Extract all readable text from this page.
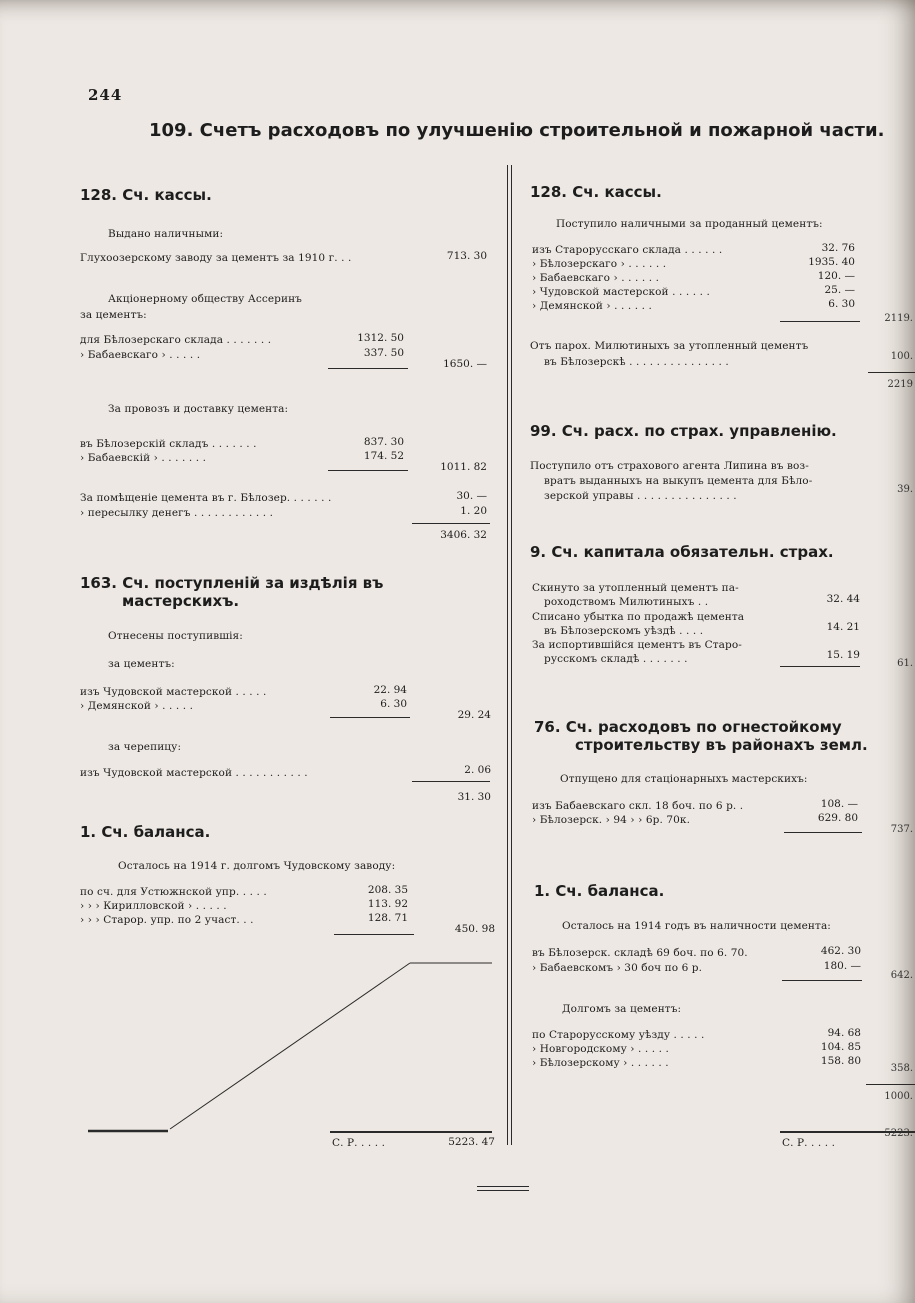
244
109. Счетъ расходовъ по улучшенію строительной и пожарной части.
128. Сч. кассы.
Выдано наличными:
Глухоозерскому заводу за цементъ за 1910 г. . .	713. 30
Акціонерному обществу Ассеринъ
за цементъ:
для Бѣлозерскаго склада . . . . . . .	1312. 50
› Бабаевскаго › . . . . .	337. 50
1650. —
За провозъ и доставку цемента:
въ Бѣлозерскій складъ . . . . . . .	837. 30
› Бабаевскій › . . . . . . .	174. 52
1011. 82
За помѣщеніе цемента въ г. Бѣлозер. . . . . . .	30. —
› пересылку денегъ . . . . . . . . . . . .	1. 20
3406. 32
163. Сч. поступленій за издѣлія въ
мастерскихъ.
Отнесены поступившія:
за цементъ:
изъ Чудовской мастерской . . . . .	22. 94
› Демянской › . . . . .	6. 30
29. 24
за черепицу:
изъ Чудовской мастерской . . . . . . . . . . .	2. 06
31. 30
1. Сч. баланса.
Осталось на 1914 г. долгомъ Чудовскому заводу:
по сч. для Устюжнской упр. . . . .	208. 35
› › › Кирилловской › . . . . .	113. 92
› › › Старор. упр. по 2 участ. . .	128. 71
450. 98
С. Р. . . . .	5223. 47
128. Сч. кассы.
Поступило наличными за проданный цементъ:
изъ Старорусскаго склада . . . . . .	32. 76
› Бѣлозерскаго › . . . . . .	1935. 40
› Бабаевскаго › . . . . . .	120. —
› Чудовской мастерской . . . . . .	25. —
› Демянской › . . . . . .	6. 30
2119.
Отъ парох. Милютиныхъ за утопленный цементъ
въ Бѣлозерскѣ . . . . . . . . . . . . . . .	100.
2219
99. Сч. расх. по страх. управленію.
Поступило отъ страхового агента Липина въ воз-
вратъ выданныхъ на выкупъ цемента для Бѣло-
зерской управы . . . . . . . . . . . . . . .
39.
9. Сч. капитала обязательн. страх.
Скинуто за утопленный цементъ па-
роходствомъ Милютиныхъ . .	32. 44
Списано убытка по продажѣ цемента
въ Бѣлозерскомъ уѣздѣ . . . .	14. 21
За испортившійся цементъ въ Старо-
русскомъ складѣ . . . . . . .	15. 19
61.
76. Сч. расходовъ по огнестойкому
строительству въ районахъ земл.
Отпущено для стаціонарныхъ мастерскихъ:
изъ Бабаевскаго скл. 18 боч. по 6 р. .	108. —
› Бѣлозерск. › 94 › › 6р. 70к.	629. 80
737.
1. Сч. баланса.
Осталось на 1914 годъ въ наличности цемента:
въ Бѣлозерск. складѣ 69 боч. по 6. 70.	462. 30
› Бабаевскомъ › 30 боч по 6 р.	180. —
642.
Долгомъ за цементъ:
по Старорусскому уѣзду . . . . .	94. 68
› Новгородскому › . . . . .	104. 85
› Бѣлозерскому › . . . . . .	158. 80
358.
1000.
С. Р. . . . .
5223.
